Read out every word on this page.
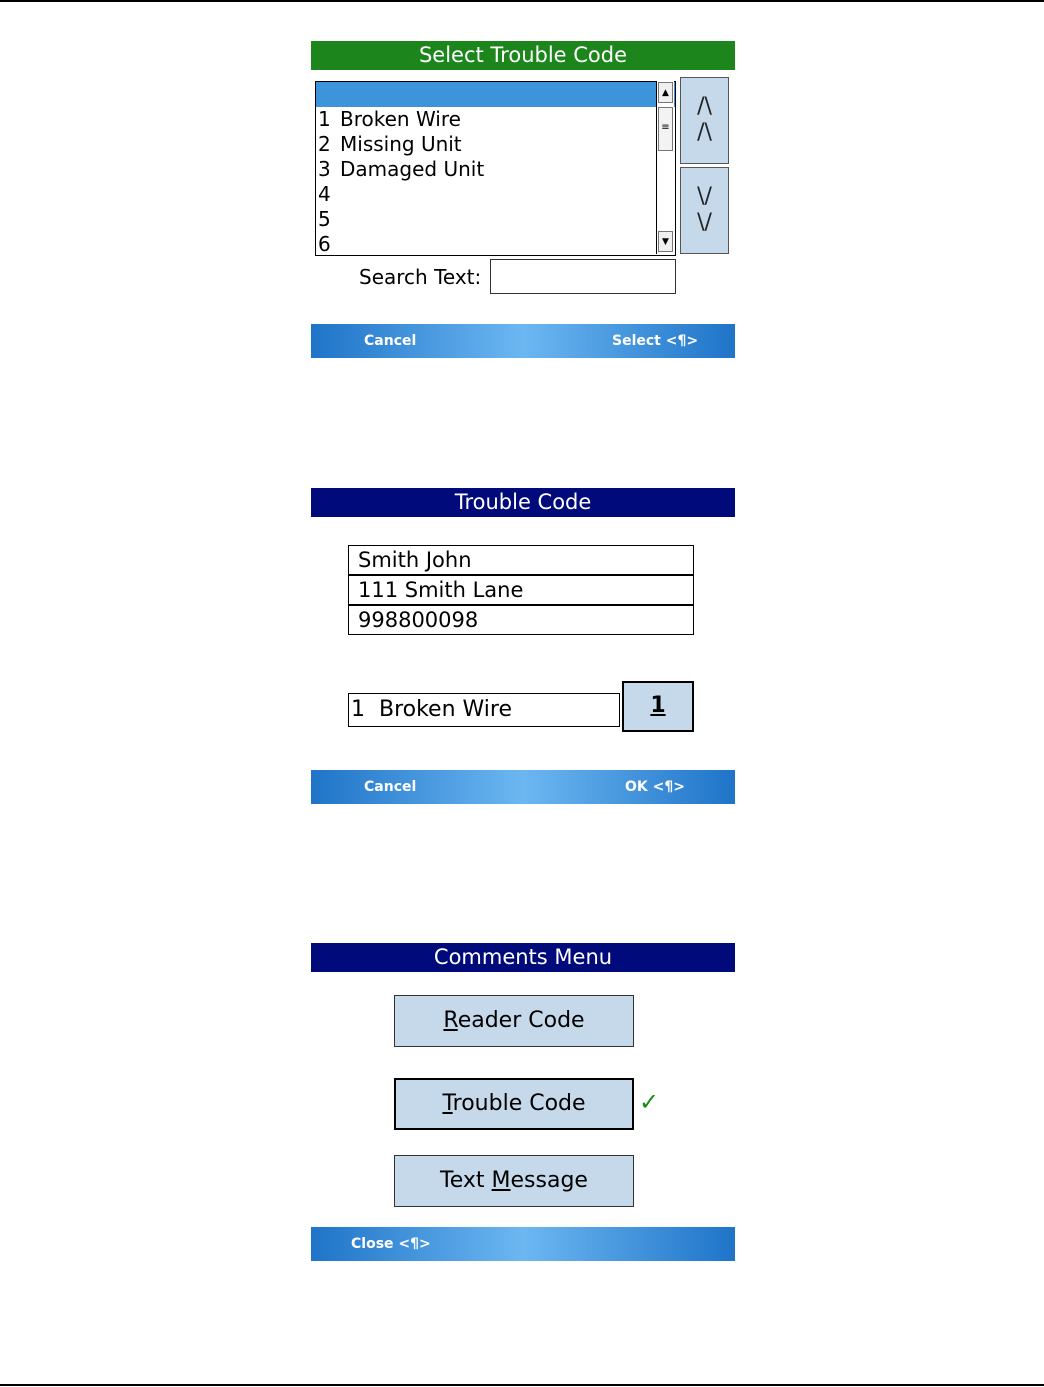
Select Trouble Code
1 Broken Wire
2 Missing Unit
3 Damaged Unit
4
5
6
▲
≡
▼
/\
/\
\/
\/
Search Text:
Cancel	Select <¶>
Trouble Code
Smith John
111 Smith Lane
998800098
1  Broken Wire	1
Cancel	OK <¶>
Comments Menu
Reader Code
Trouble Code	✓
Text Message
Close <¶>
